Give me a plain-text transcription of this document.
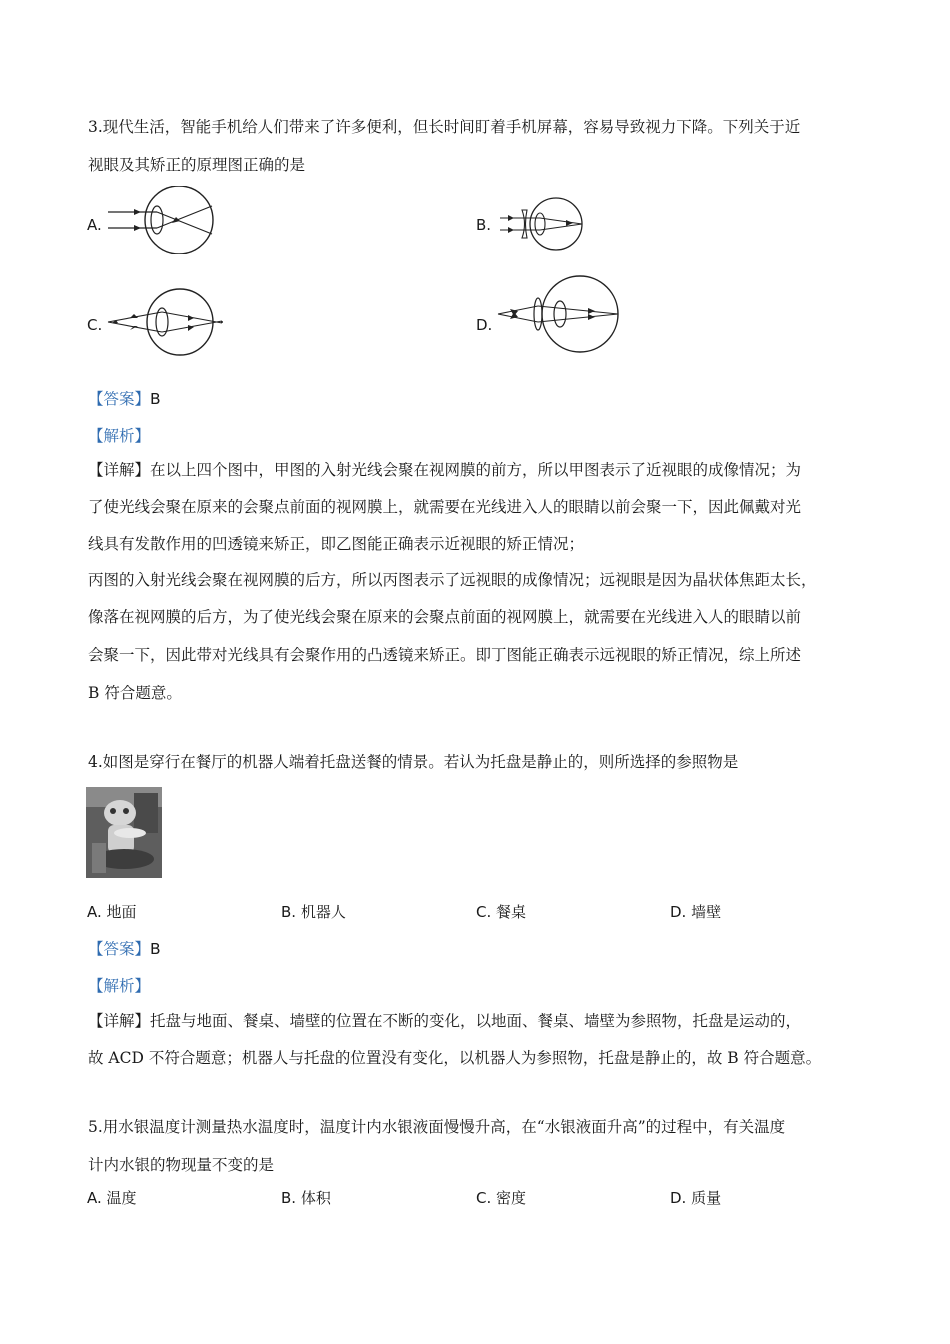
3.现代生活，智能手机给人们带来了许多便利，但长时间盯着手机屏幕，容易导致视力下降。下列关于近
视眼及其矫正的原理图正确的是
A.	B.
C.	D.
【答案】B
【解析】
【详解】在以上四个图中，甲图的入射光线会聚在视网膜的前方，所以甲图表示了近视眼的成像情况；为
了使光线会聚在原来的会聚点前面的视网膜上，就需要在光线进入人的眼睛以前会聚一下，因此佩戴对光
线具有发散作用的凹透镜来矫正，即乙图能正确表示近视眼的矫正情况；
丙图的入射光线会聚在视网膜的后方，所以丙图表示了远视眼的成像情况；远视眼是因为晶状体焦距太长，
像落在视网膜的后方，为了使光线会聚在原来的会聚点前面的视网膜上，就需要在光线进入人的眼睛以前
会聚一下，因此带对光线具有会聚作用的凸透镜来矫正。即丁图能正确表示远视眼的矫正情况，综上所述
B 符合题意。
4.如图是穿行在餐厅的机器人端着托盘送餐的情景。若认为托盘是静止的，则所选择的参照物是
A. 地面	B. 机器人	C. 餐桌	D. 墙壁
【答案】B
【解析】
【详解】托盘与地面、餐桌、墙壁的位置在不断的变化，以地面、餐桌、墙壁为参照物，托盘是运动的，
故 ACD 不符合题意；机器人与托盘的位置没有变化，以机器人为参照物，托盘是静止的，故 B 符合题意。
5.用水银温度计测量热水温度时，温度计内水银液面慢慢升高，在“水银液面升高”的过程中，有关温度
计内水银的物现量不变的是
A. 温度	B. 体积	C. 密度	D. 质量
